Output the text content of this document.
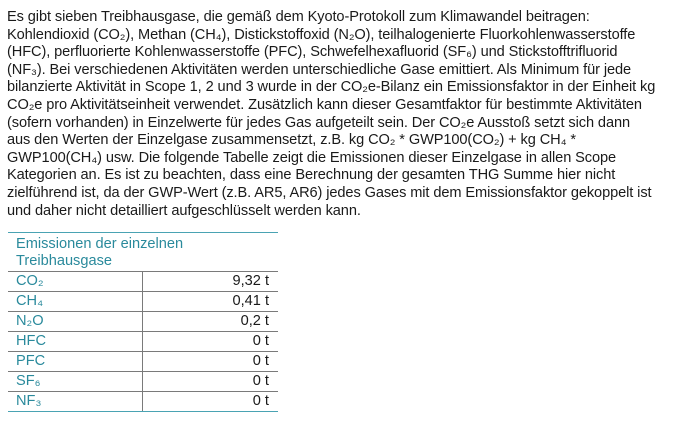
Es gibt sieben Treibhausgase, die gemäß dem Kyoto-Protokoll zum Klimawandel beitragen:
Kohlendioxid (CO₂), Methan (CH₄), Distickstoffoxid (N₂O), teilhalogenierte Fluorkohlenwasserstoffe
(HFC), perfluorierte Kohlenwasserstoffe (PFC), Schwefelhexafluorid (SF₆) und Stickstofftrifluorid
(NF₃). Bei verschiedenen Aktivitäten werden unterschiedliche Gase emittiert. Als Minimum für jede
bilanzierte Aktivität in Scope 1, 2 und 3 wurde in der CO₂e-Bilanz ein Emissionsfaktor in der Einheit kg
CO₂e pro Aktivitätseinheit verwendet. Zusätzlich kann dieser Gesamtfaktor für bestimmte Aktivitäten
(sofern vorhanden) in Einzelwerte für jedes Gas aufgeteilt sein. Der CO₂e Ausstoß setzt sich dann
aus den Werten der Einzelgase zusammensetzt, z.B. kg CO₂ * GWP100(CO₂) + kg CH₄ *
GWP100(CH₄) usw. Die folgende Tabelle zeigt die Emissionen dieser Einzelgase in allen Scope
Kategorien an. Es ist zu beachten, dass eine Berechnung der gesamten THG Summe hier nicht
zielführend ist, da der GWP-Wert (z.B. AR5, AR6) jedes Gases mit dem Emissionsfaktor gekoppelt ist
und daher nicht detailliert aufgeschlüsselt werden kann.

Emissionen der einzelnen
Treibhausgase	
CO₂	9,32 t
CH₄	0,41 t
N₂O	0,2 t
HFC	0 t
PFC	0 t
SF₆	0 t
NF₃	0 t
